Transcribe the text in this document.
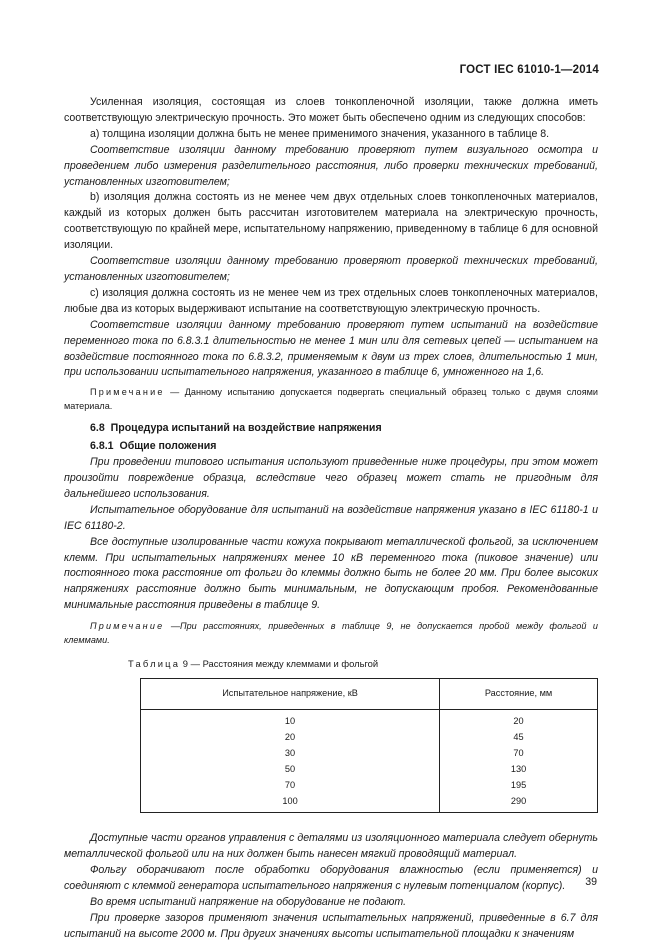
ГОСТ IEC 61010-1—2014

Усиленная изоляция, состоящая из слоев тонкопленочной изоляции, также должна иметь соответствующую электрическую прочность. Это может быть обеспечено одним из следующих способов:

а) толщина изоляции должна быть не менее применимого значения, указанного в таблице 8.

Соответствие изоляции данному требованию проверяют путем визуального осмотра и проведением либо измерения разделительного расстояния, либо проверки технических требований, установленных изготовителем;

b) изоляция должна состоять из не менее чем двух отдельных слоев тонкопленочных материалов, каждый из которых должен быть рассчитан изготовителем материала на электрическую прочность, соответствующую по крайней мере, испытательному напряжению, приведенному в таблице 6 для основной изоляции.

Соответствие изоляции данному требованию проверяют проверкой технических требований, установленных изготовителем;

с) изоляция должна состоять из не менее чем из трех отдельных слоев тонкопленочных материалов, любые два из которых выдерживают испытание на соответствующую электрическую прочность.

Соответствие изоляции данному требованию проверяют путем испытаний на воздействие переменного тока по 6.8.3.1 длительностью не менее 1 мин или для сетевых цепей — испытанием на воздействие постоянного тока по 6.8.3.2, применяемым к двум из трех слоев, длительностью 1 мин, при использовании испытательного напряжения, указанного в таблице 6, умноженного на 1,6.

Примечание — Данному испытанию допускается подвергать специальный образец только с двумя слоями материала.

6.8 Процедура испытаний на воздействие напряжения

6.8.1 Общие положения

При проведении типового испытания используют приведенные ниже процедуры, при этом может произойти повреждение образца, вследствие чего образец может стать не пригодным для дальнейшего использования.

Испытательное оборудование для испытаний на воздействие напряжения указано в IEC 61180-1 и IEC 61180-2.

Все доступные изолированные части кожуха покрывают металлической фольгой, за исключением клемм. При испытательных напряжениях менее 10 кВ переменного тока (пиковое значение) или постоянного тока расстояние от фольги до клеммы должно быть не более 20 мм. При более высоких напряжениях расстояние должно быть минимальным, не допускающим пробоя. Рекомендованные минимальные расстояния приведены в таблице 9.

Примечание —При расстояниях, приведенных в таблице 9, не допускается пробой между фольгой и клеммами.

Таблица 9 — Расстояния между клеммами и фольгой

Испытательное напряжение, кВ	Расстояние, мм
10	20
20	45
30	70
50	130
70	195
100	290

Доступные части органов управления с деталями из изоляционного материала следует обернуть металлической фольгой или на них должен быть нанесен мягкий проводящий материал.

Фольгу оборачивают после обработки оборудования влажностью (если применяется) и соединяют с клеммой генератора испытательного напряжения с нулевым потенциалом (корпус).

Во время испытаний напряжение на оборудование не подают.

При проверке зазоров применяют значения испытательных напряжений, приведенные в 6.7 для испытаний на высоте 2000 м. При других значениях высоты испытательной площадки к значениям

39
